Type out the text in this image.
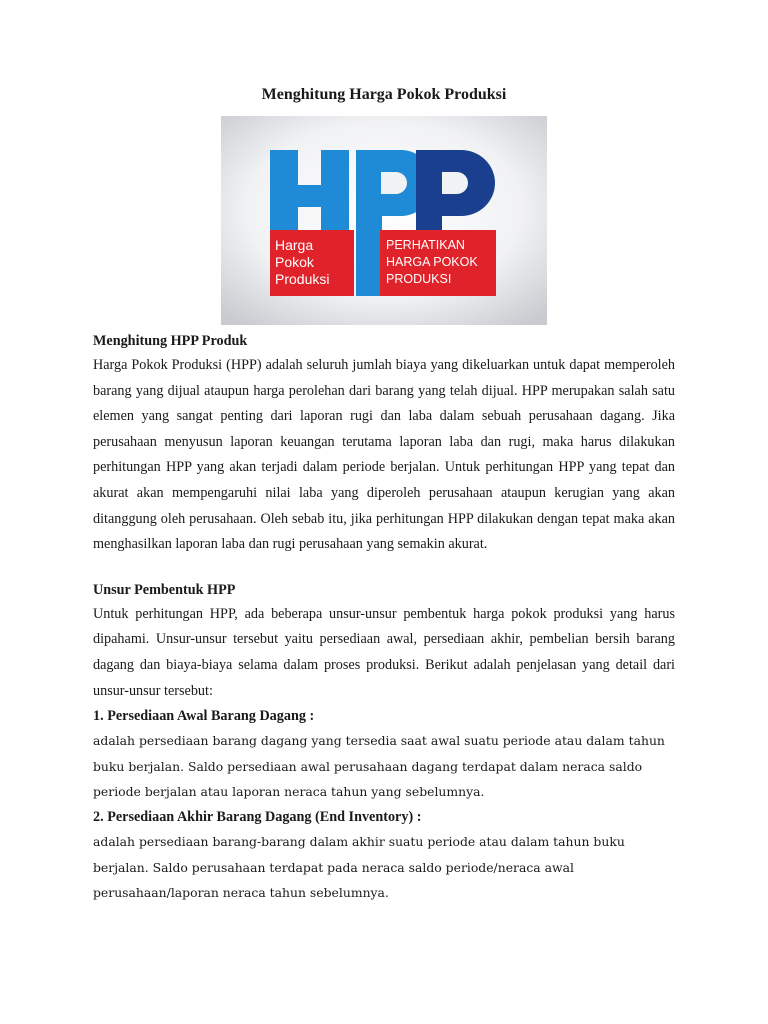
Menghitung Harga Pokok Produksi
Harga
Pokok
Produksi
PERHATIKAN
HARGA POKOK
PRODUKSI

Menghitung HPP Produk

Harga Pokok Produksi (HPP) adalah seluruh jumlah biaya yang dikeluarkan untuk dapat memperoleh barang yang dijual ataupun harga perolehan dari barang yang telah dijual. HPP merupakan salah satu elemen yang sangat penting dari laporan rugi dan laba dalam sebuah perusahaan dagang. Jika perusahaan menyusun laporan keuangan terutama laporan laba dan rugi, maka harus dilakukan perhitungan HPP yang akan terjadi dalam periode berjalan. Untuk perhitungan HPP yang tepat dan akurat akan mempengaruhi nilai laba yang diperoleh perusahaan ataupun kerugian yang akan ditanggung oleh perusahaan. Oleh sebab itu, jika perhitungan HPP dilakukan dengan tepat maka akan menghasilkan laporan laba dan rugi perusahaan yang semakin akurat.

Unsur Pembentuk HPP

Untuk perhitungan HPP, ada beberapa unsur-unsur pembentuk harga pokok produksi yang harus dipahami. Unsur-unsur tersebut yaitu persediaan awal, persediaan akhir, pembelian bersih barang dagang dan biaya-biaya selama dalam proses produksi. Berikut adalah penjelasan yang detail dari unsur-unsur tersebut:

1. Persediaan Awal Barang Dagang :

adalah persediaan barang dagang yang tersedia saat awal suatu periode atau dalam tahun buku berjalan. Saldo persediaan awal perusahaan dagang terdapat dalam neraca saldo periode berjalan atau laporan neraca tahun yang sebelumnya.

2. Persediaan Akhir Barang Dagang (End Inventory) :

adalah persediaan barang-barang dalam akhir suatu periode atau dalam tahun buku berjalan. Saldo perusahaan terdapat pada neraca saldo periode/neraca awal perusahaan/laporan neraca tahun sebelumnya.
